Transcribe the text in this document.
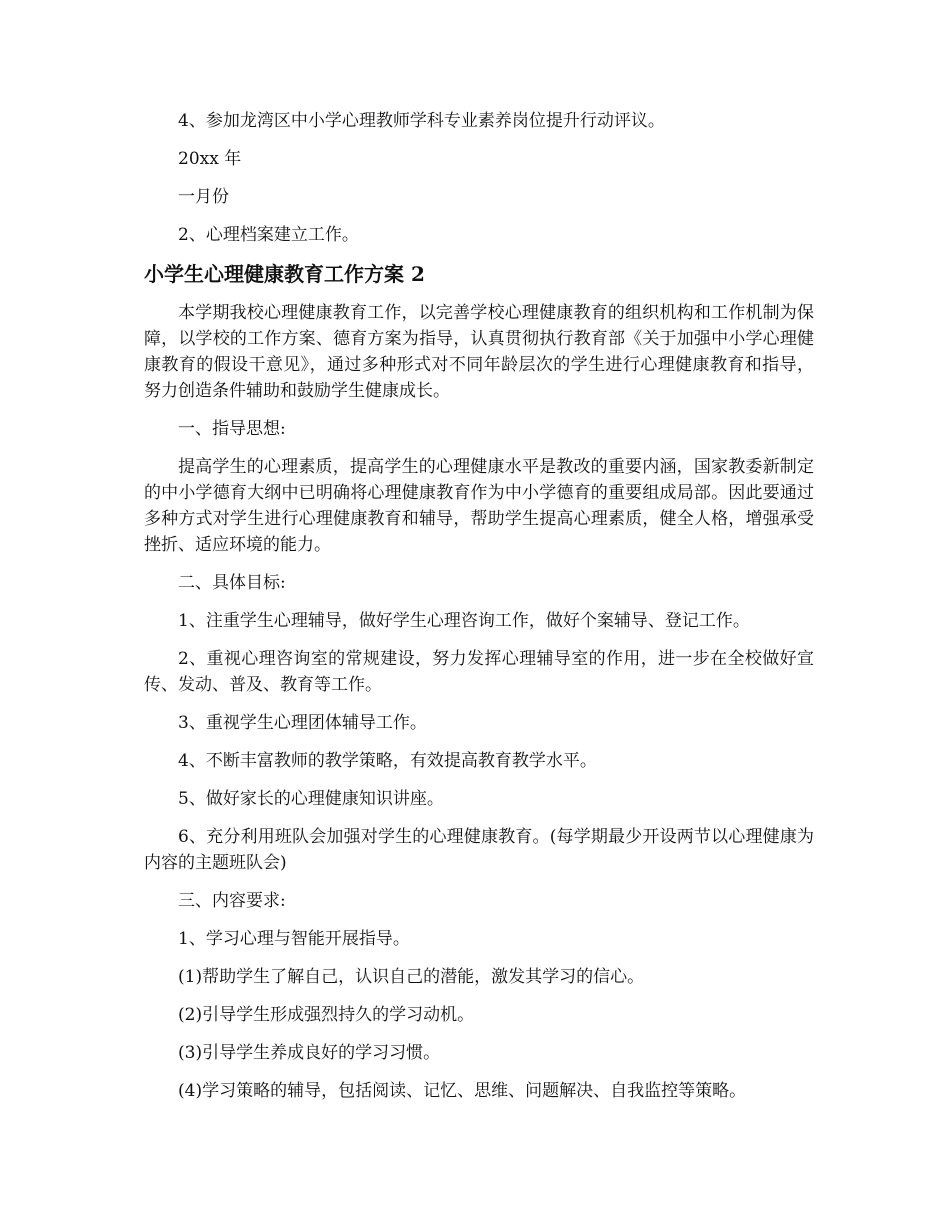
4、参加龙湾区中小学心理教师学科专业素养岗位提升行动评议。

20xx 年

一月份

2、心理档案建立工作。

小学生心理健康教育工作方案 2

本学期我校心理健康教育工作，以完善学校心理健康教育的组织机构和工作机制为保障，以学校的工作方案、德育方案为指导，认真贯彻执行教育部《关于加强中小学心理健康教育的假设干意见》，通过多种形式对不同年龄层次的学生进行心理健康教育和指导，努力创造条件辅助和鼓励学生健康成长。

一、指导思想:

提高学生的心理素质，提高学生的心理健康水平是教改的重要内涵，国家教委新制定的中小学德育大纲中已明确将心理健康教育作为中小学德育的重要组成局部。因此要通过多种方式对学生进行心理健康教育和辅导，帮助学生提高心理素质，健全人格，增强承受挫折、适应环境的能力。

二、具体目标:

1、注重学生心理辅导，做好学生心理咨询工作，做好个案辅导、登记工作。

2、重视心理咨询室的常规建设，努力发挥心理辅导室的作用，进一步在全校做好宣传、发动、普及、教育等工作。

3、重视学生心理团体辅导工作。

4、不断丰富教师的教学策略，有效提高教育教学水平。

5、做好家长的心理健康知识讲座。

6、充分利用班队会加强对学生的心理健康教育。(每学期最少开设两节以心理健康为内容的主题班队会)

三、内容要求:

1、学习心理与智能开展指导。

(1)帮助学生了解自己，认识自己的潜能，激发其学习的信心。

(2)引导学生形成强烈持久的学习动机。

(3)引导学生养成良好的学习习惯。

(4)学习策略的辅导，包括阅读、记忆、思维、问题解决、自我监控等策略。
